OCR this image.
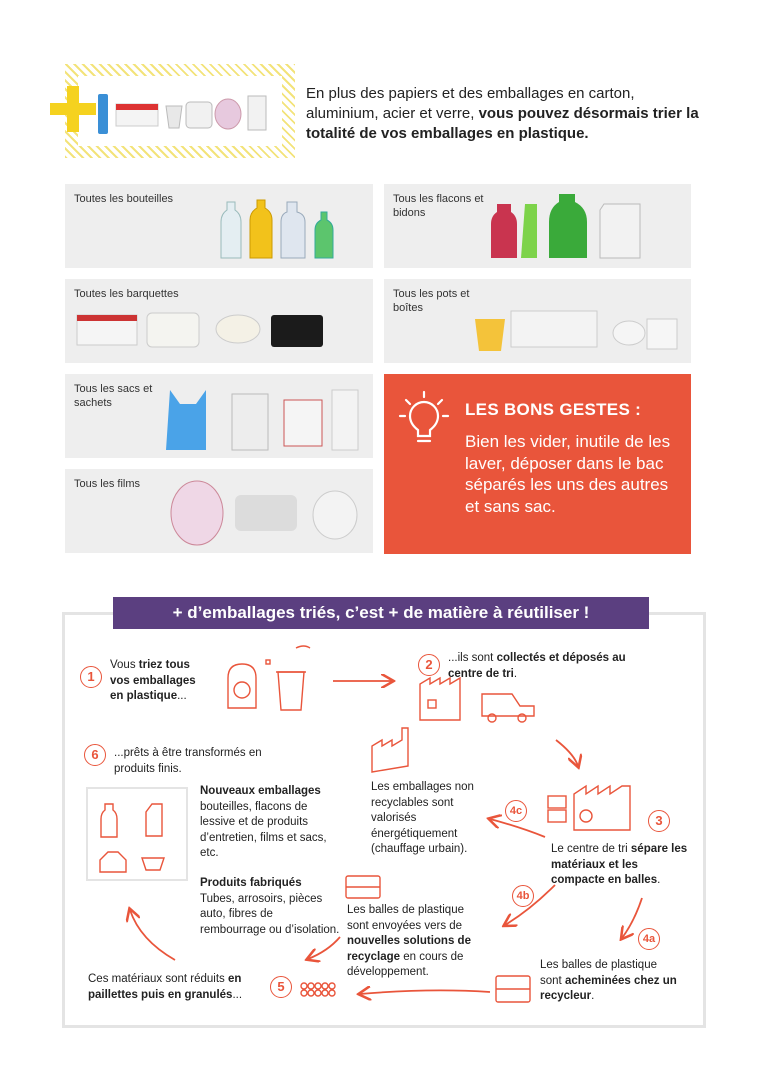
En plus des papiers et des emballages en carton, aluminium, acier et verre, vous pouvez désormais trier la totalité de vos emballages en plastique.
Toutes les bouteilles	Tous les flacons et bidons
Toutes les barquettes	Tous les pots et boîtes
Tous les sacs et sachets
Tous les films
LES BONS GESTES :
Bien les vider, inutile de les laver, déposer dans le bac séparés les uns des autres et sans sac.
+ d’emballages triés, c’est + de matière à réutiliser !
1
Vous triez tous vos emballages en plastique...
2	...ils sont collectés et déposés au centre de tri.
3
Le centre de tri sépare les matériaux et les compacte en balles.
4c
Les emballages non recyclables sont valorisés énergétiquement (chauffage urbain).
4b
Les balles de plastique sont envoyées vers de nouvelles solutions de recyclage en cours de développement.
4a
Les balles de plastique sont acheminées chez un recycleur.
5
Ces matériaux sont réduits en paillettes puis en granulés...
6	...prêts à être transformés en produits finis.
Nouveaux emballages
bouteilles, flacons de lessive et de produits d’entretien, films et sacs, etc.
Produits fabriqués
Tubes, arrosoirs, pièces auto, fibres de rembourrage ou d’isolation.
